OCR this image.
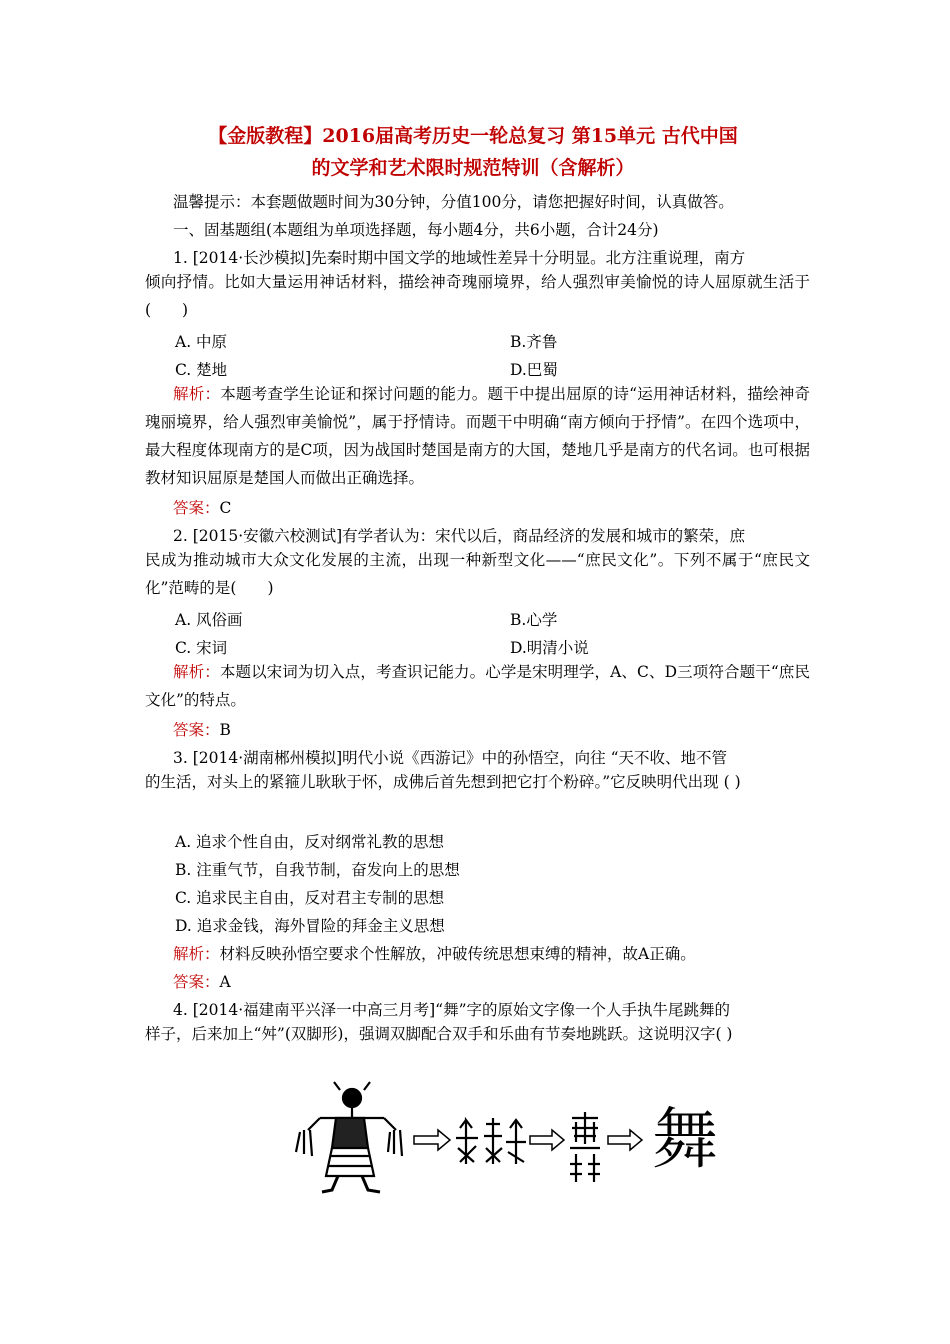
【金版教程】2016届高考历史一轮总复习 第15单元 古代中国
的文学和艺术限时规范特训（含解析）
温馨提示：本套题做题时间为30分钟，分值100分，请您把握好时间，认真做答。
一、固基题组(本题组为单项选择题，每小题4分，共6小题，合计24分)
1. [2014·长沙模拟]先秦时期中国文学的地域性差异十分明显。北方注重说理，南方
倾向抒情。比如大量运用神话材料，描绘神奇瑰丽境界，给人强烈审美愉悦的诗人屈原就生活于(　　)
A. 中原	B.齐鲁
C. 楚地	D.巴蜀
解析：本题考查学生论证和探讨问题的能力。题干中提出屈原的诗“运用神话材料，描绘神奇瑰丽境界，给人强烈审美愉悦”，属于抒情诗。而题干中明确“南方倾向于抒情”。在四个选项中，最大程度体现南方的是C项，因为战国时楚国是南方的大国，楚地几乎是南方的代名词。也可根据教材知识屈原是楚国人而做出正确选择。
答案：C
2. [2015·安徽六校测试]有学者认为：宋代以后，商品经济的发展和城市的繁荣，庶
民成为推动城市大众文化发展的主流，出现一种新型文化——“庶民文化”。下列不属于“庶民文化”范畴的是(　　)
A. 风俗画	B.心学
C. 宋词	D.明清小说
解析：本题以宋词为切入点，考查识记能力。心学是宋明理学，A、C、D三项符合题干“庶民文化”的特点。
答案：B
3. [2014·湖南郴州模拟]明代小说《西游记》中的孙悟空，向往 “天不收、地不管
的生活，对头上的紧箍儿耿耿于怀，成佛后首先想到把它打个粉碎。”它反映明代出现 ( )
A. 追求个性自由，反对纲常礼教的思想
B. 注重气节，自我节制，奋发向上的思想
C. 追求民主自由，反对君主专制的思想
D. 追求金钱，海外冒险的拜金主义思想
解析：材料反映孙悟空要求个性解放，冲破传统思想束缚的精神，故A正确。
答案：A
4. [2014·福建南平兴泽一中高三月考]“舞”字的原始文字像一个人手执牛尾跳舞的
样子，后来加上“舛”(双脚形)，强调双脚配合双手和乐曲有节奏地跳跃。这说明汉字( )
舞
